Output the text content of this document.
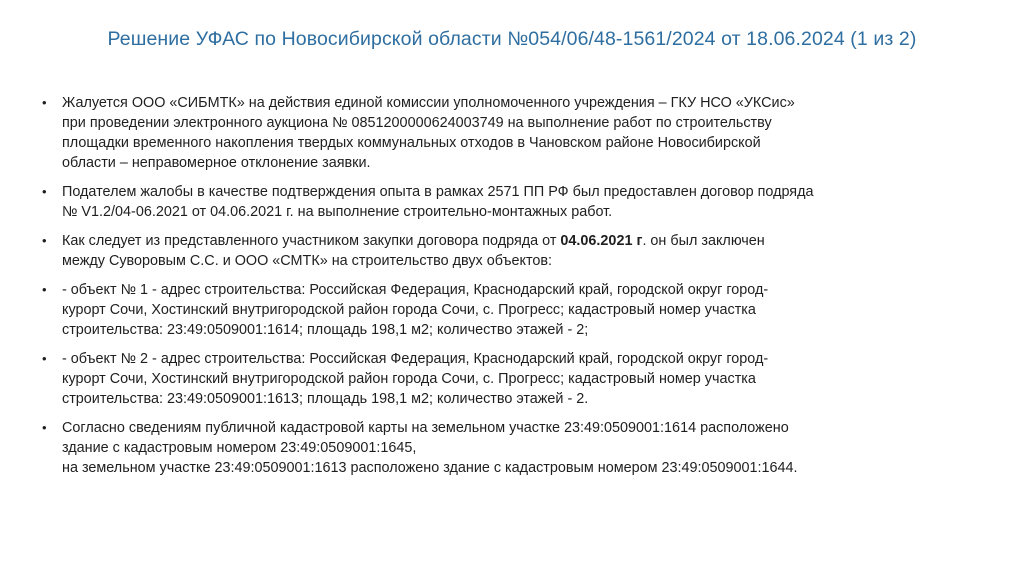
Решение УФАС по Новосибирской области №054/06/48-1561/2024 от 18.06.2024 (1 из 2)
• Жалуется ООО «СИБМТК» на действия единой комиссии уполномоченного учреждения – ГКУ НСО «УКСис»
при проведении электронного аукциона № 0851200000624003749 на выполнение работ по строительству
площадки временного накопления твердых коммунальных отходов в Чановском районе Новосибирской
области – неправомерное отклонение заявки.
• Подателем жалобы в качестве подтверждения опыта в рамках 2571 ПП РФ был предоставлен договор подряда
№ V1.2/04-06.2021 от 04.06.2021 г. на выполнение строительно-монтажных работ.
• Как следует из представленного участником закупки договора подряда от 04.06.2021 г. он был заключен
между Суворовым С.С. и ООО «СМТК» на строительство двух объектов:
• - объект № 1 - адрес строительства: Российская Федерация, Краснодарский край, городской округ город-
курорт Сочи, Хостинский внутригородской район города Сочи, с. Прогресс; кадастровый номер участка
строительства: 23:49:0509001:1614; площадь 198,1 м2; количество этажей - 2;
• - объект № 2 - адрес строительства: Российская Федерация, Краснодарский край, городской округ город-
курорт Сочи, Хостинский внутригородской район города Сочи, с. Прогресс; кадастровый номер участка
строительства: 23:49:0509001:1613; площадь 198,1 м2; количество этажей - 2.
• Согласно сведениям публичной кадастровой карты на земельном участке 23:49:0509001:1614 расположено
здание с кадастровым номером 23:49:0509001:1645,
на земельном участке 23:49:0509001:1613 расположено здание с кадастровым номером 23:49:0509001:1644.
